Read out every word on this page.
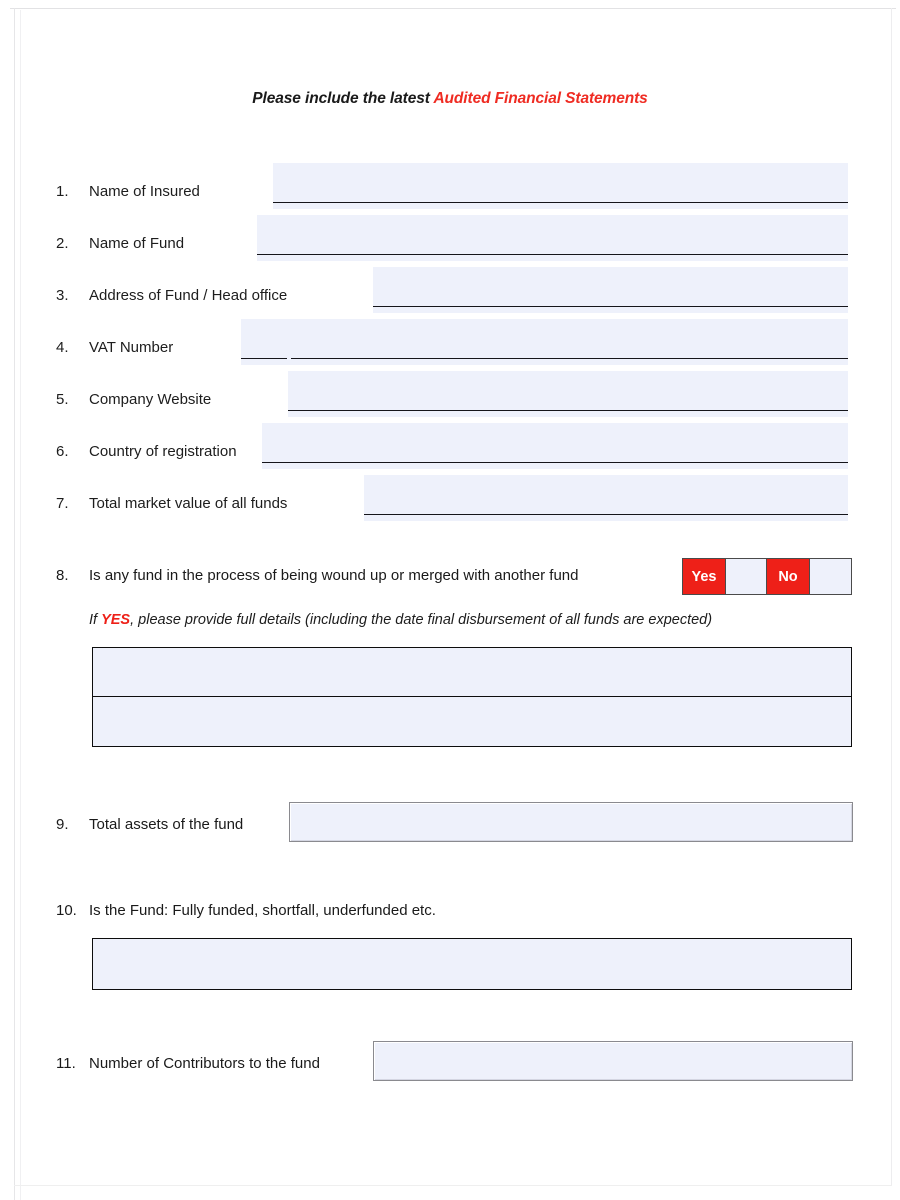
Please include the latest Audited Financial Statements
1.	Name of Insured
2.	Name of Fund
3.	Address of Fund / Head office
4.	VAT Number
5.	Company Website
6.	Country of registration
7.	Total market value of all funds
8. Is any fund in the process of being wound up or merged with another fund	Yes	No
If YES, please provide full details (including the date final disbursement of all funds are expected)
9. Total assets of the fund
10. Is the Fund: Fully funded, shortfall, underfunded etc.
11. Number of Contributors to the fund
